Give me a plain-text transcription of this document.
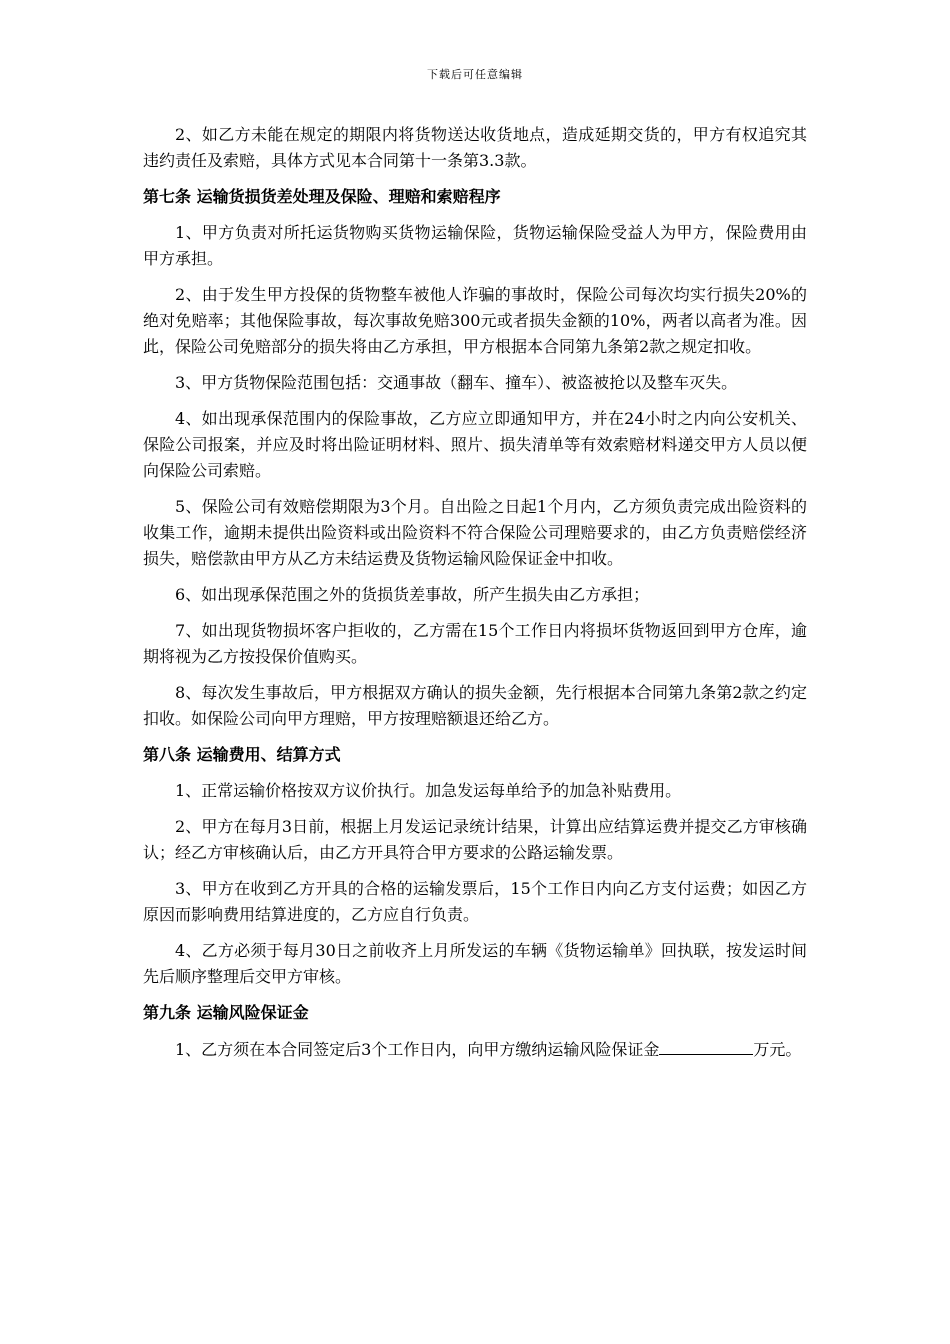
下载后可任意编辑

2、如乙方未能在规定的期限内将货物送达收货地点，造成延期交货的，甲方有权追究其违约责任及索赔，具体方式见本合同第十一条第3.3款。

第七条 运输货损货差处理及保险、理赔和索赔程序

1、甲方负责对所托运货物购买货物运输保险，货物运输保险受益人为甲方，保险费用由甲方承担。

2、由于发生甲方投保的货物整车被他人诈骗的事故时，保险公司每次均实行损失20%的绝对免赔率；其他保险事故，每次事故免赔300元或者损失金额的10%，两者以高者为准。因此，保险公司免赔部分的损失将由乙方承担，甲方根据本合同第九条第2款之规定扣收。

3、甲方货物保险范围包括：交通事故（翻车、撞车）、被盗被抢以及整车灭失。

4、如出现承保范围内的保险事故，乙方应立即通知甲方，并在24小时之内向公安机关、保险公司报案，并应及时将出险证明材料、照片、损失清单等有效索赔材料递交甲方人员以便向保险公司索赔。

5、保险公司有效赔偿期限为3个月。自出险之日起1个月内，乙方须负责完成出险资料的收集工作，逾期未提供出险资料或出险资料不符合保险公司理赔要求的，由乙方负责赔偿经济损失，赔偿款由甲方从乙方未结运费及货物运输风险保证金中扣收。

6、如出现承保范围之外的货损货差事故，所产生损失由乙方承担；

7、如出现货物损坏客户拒收的，乙方需在15个工作日内将损坏货物返回到甲方仓库，逾期将视为乙方按投保价值购买。

8、每次发生事故后，甲方根据双方确认的损失金额，先行根据本合同第九条第2款之约定扣收。如保险公司向甲方理赔，甲方按理赔额退还给乙方。

第八条 运输费用、结算方式

1、正常运输价格按双方议价执行。加急发运每单给予的加急补贴费用。

2、甲方在每月3日前，根据上月发运记录统计结果，计算出应结算运费并提交乙方审核确认；经乙方审核确认后，由乙方开具符合甲方要求的公路运输发票。

3、甲方在收到乙方开具的合格的运输发票后，15个工作日内向乙方支付运费；如因乙方原因而影响费用结算进度的，乙方应自行负责。

4、乙方必须于每月30日之前收齐上月所发运的车辆《货物运输单》回执联，按发运时间先后顺序整理后交甲方审核。

第九条 运输风险保证金

1、乙方须在本合同签定后3个工作日内，向甲方缴纳运输风险保证金	万元。
